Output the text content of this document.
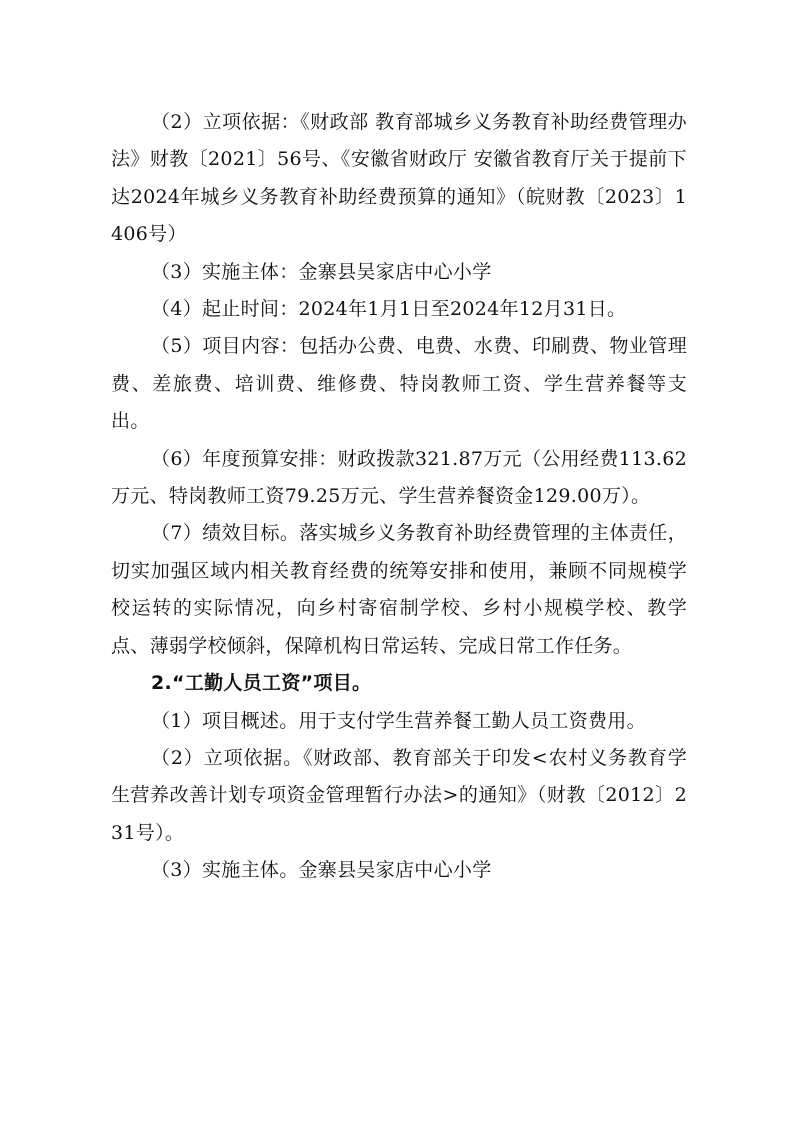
（2）立项依据：《财政部 教育部城乡义务教育补助经费管理办法》财教〔2021〕56号、《安徽省财政厅 安徽省教育厅关于提前下达2024年城乡义务教育补助经费预算的通知》（皖财教〔2023〕1406号）

（3）实施主体：金寨县吴家店中心小学

（4）起止时间：2024年1月1日至2024年12月31日。

（5）项目内容：包括办公费、电费、水费、印刷费、物业管理费、差旅费、培训费、维修费、特岗教师工资、学生营养餐等支出。

（6）年度预算安排：财政拨款321.87万元（公用经费113.62万元、特岗教师工资79.25万元、学生营养餐资金129.00万）。

（7）绩效目标。落实城乡义务教育补助经费管理的主体责任，切实加强区域内相关教育经费的统筹安排和使用，兼顾不同规模学校运转的实际情况，向乡村寄宿制学校、乡村小规模学校、教学点、薄弱学校倾斜，保障机构日常运转、完成日常工作任务。

2.“工勤人员工资”项目。

（1）项目概述。用于支付学生营养餐工勤人员工资费用。

（2）立项依据。《财政部、教育部关于印发<农村义务教育学生营养改善计划专项资金管理暂行办法>的通知》（财教〔2012〕231号）。

（3）实施主体。金寨县吴家店中心小学
